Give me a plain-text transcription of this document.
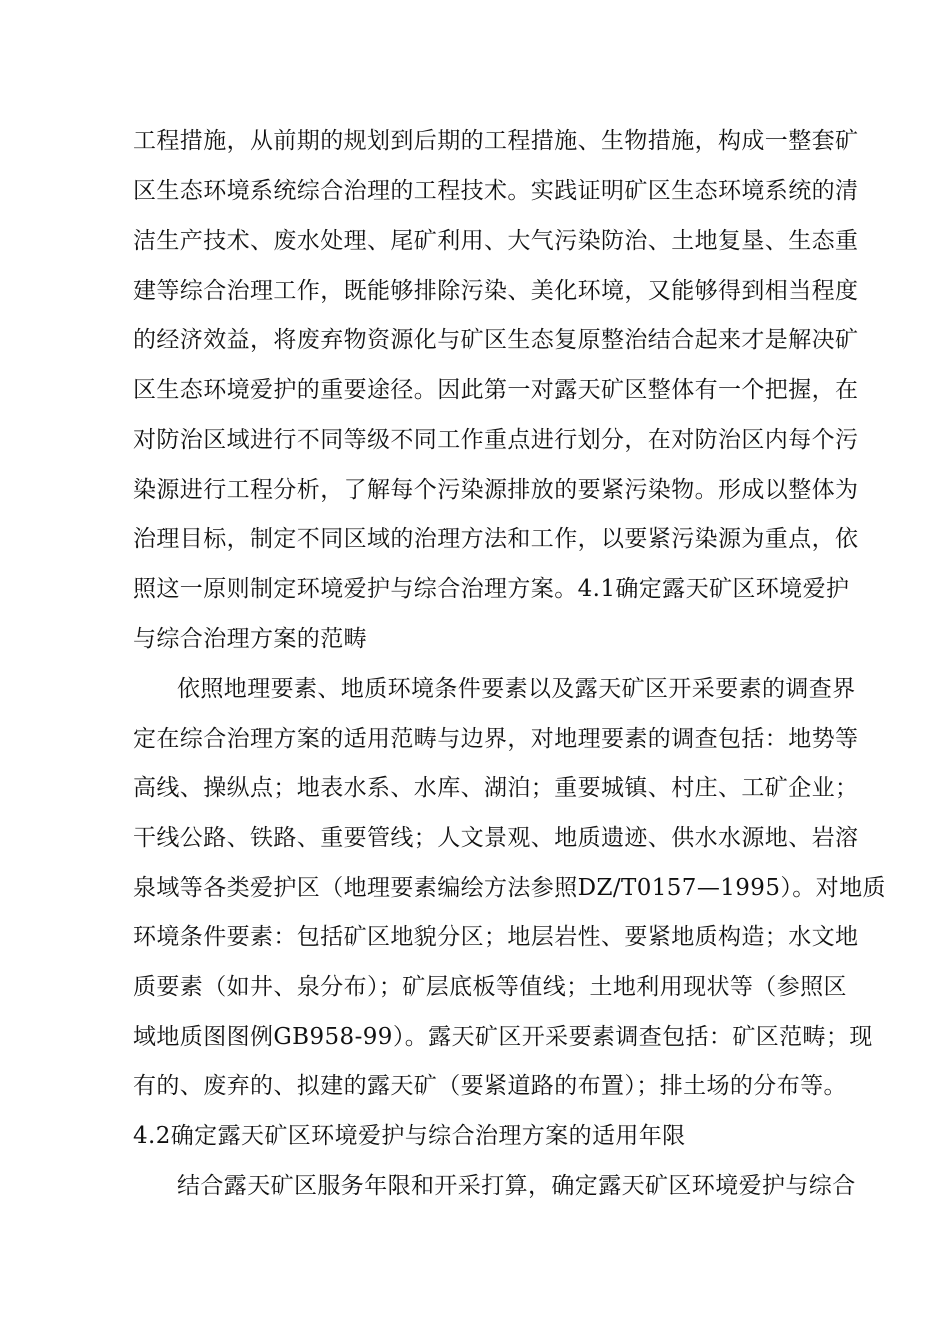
工程措施，从前期的规划到后期的工程措施、生物措施，构成一整套矿

区生态环境系统综合治理的工程技术。实践证明矿区生态环境系统的清

洁生产技术、废水处理、尾矿利用、大气污染防治、土地复垦、生态重

建等综合治理工作，既能够排除污染、美化环境，又能够得到相当程度

的经济效益，将废弃物资源化与矿区生态复原整治结合起来才是解决矿

区生态环境爱护的重要途径。因此第一对露天矿区整体有一个把握，在

对防治区域进行不同等级不同工作重点进行划分，在对防治区内每个污

染源进行工程分析，了解每个污染源排放的要紧污染物。形成以整体为

治理目标，制定不同区域的治理方法和工作，以要紧污染源为重点，依

照这一原则制定环境爱护与综合治理方案。4.1确定露天矿区环境爱护

与综合治理方案的范畴

依照地理要素、地质环境条件要素以及露天矿区开采要素的调查界

定在综合治理方案的适用范畴与边界，对地理要素的调查包括：地势等

高线、操纵点；地表水系、水库、湖泊；重要城镇、村庄、工矿企业；

干线公路、铁路、重要管线；人文景观、地质遗迹、供水水源地、岩溶

泉域等各类爱护区（地理要素编绘方法参照DZ/T0157—1995）。对地质

环境条件要素：包括矿区地貌分区；地层岩性、要紧地质构造；水文地

质要素（如井、泉分布）；矿层底板等值线；土地利用现状等（参照区

域地质图图例GB958-99）。露天矿区开采要素调查包括：矿区范畴；现

有的、废弃的、拟建的露天矿（要紧道路的布置）；排土场的分布等。

4.2确定露天矿区环境爱护与综合治理方案的适用年限

结合露天矿区服务年限和开采打算，确定露天矿区环境爱护与综合
